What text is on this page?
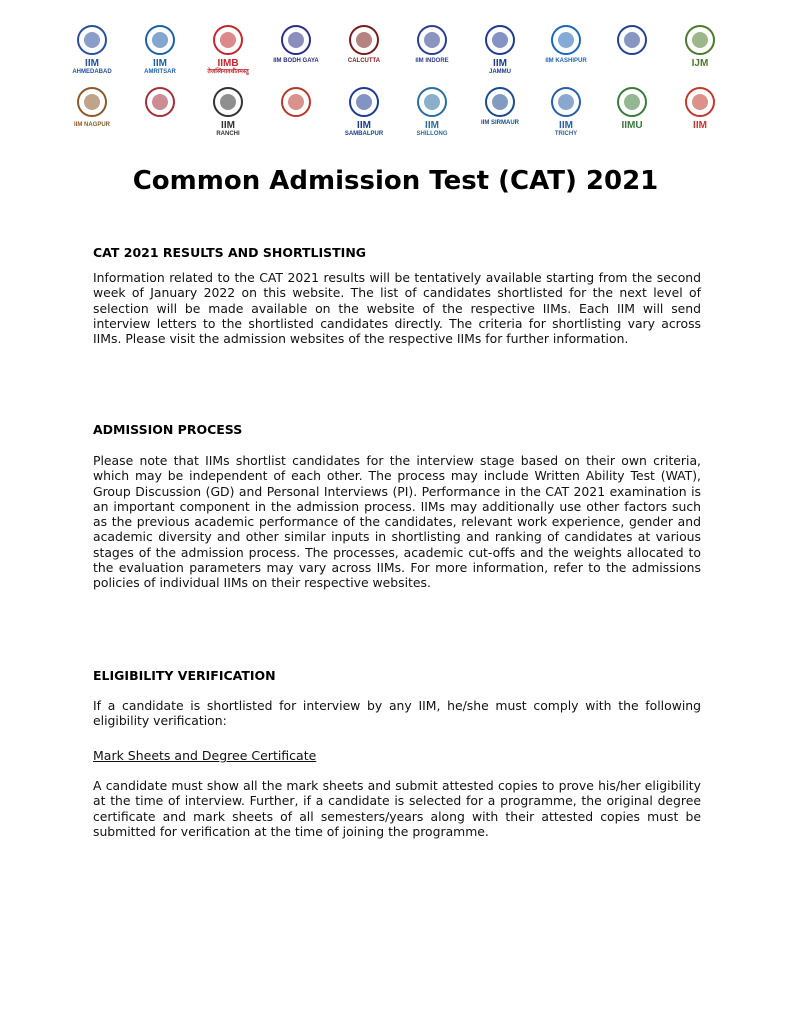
IIM
AHMEDABAD
IIM
AMRITSAR
IIMB
तेजस्विनावधीतमस्तु
IIM BODH GAYA	CALCUTTA	IIM INDORE	IIM
JAMMU
IIM KASHIPUR	IJM
IIM NAGPUR	IIM
RANCHI
IIM
SAMBALPUR
IIM
SHILLONG
IIM SIRMAUR	IIM
TRICHY
IIMU	IIM
Common Admission Test (CAT) 2021
CAT 2021 RESULTS AND SHORTLISTING
Information related to the CAT 2021 results will be tentatively available starting from the second week of January 2022 on this website. The list of candidates shortlisted for the next level of selection will be made available on the website of the respective IIMs. Each IIM will send interview letters to the shortlisted candidates directly. The criteria for shortlisting vary across IIMs. Please visit the admission websites of the respective IIMs for further information.
ADMISSION PROCESS
Please note that IIMs shortlist candidates for the interview stage based on their own criteria, which may be independent of each other. The process may include Written Ability Test (WAT), Group Discussion (GD) and Personal Interviews (PI). Performance in the CAT 2021 examination is an important component in the admission process. IIMs may additionally use other factors such as the previous academic performance of the candidates, relevant work experience, gender and academic diversity and other similar inputs in shortlisting and ranking of candidates at various stages of the admission process. The processes, academic cut-offs and the weights allocated to the evaluation parameters may vary across IIMs. For more information, refer to the admissions policies of individual IIMs on their respective websites.
ELIGIBILITY VERIFICATION
If a candidate is shortlisted for interview by any IIM, he/she must comply with the following eligibility verification:
Mark Sheets and Degree Certificate
A candidate must show all the mark sheets and submit attested copies to prove his/her eligibility at the time of interview. Further, if a candidate is selected for a programme, the original degree certificate and mark sheets of all semesters/years along with their attested copies must be submitted for verification at the time of joining the programme.
